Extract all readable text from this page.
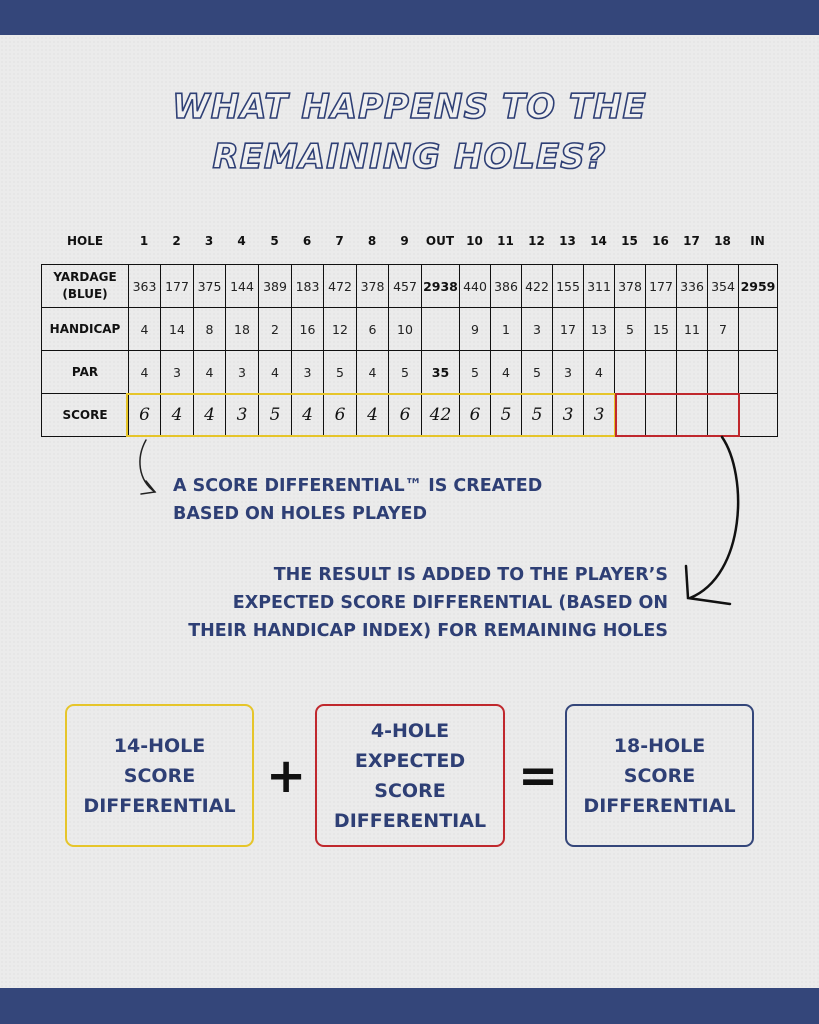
WHAT HAPPENS TO THE
REMAINING HOLES?
HOLE	1	2	3	4	5	6	7	8	9	OUT	10	11	12	13	14	15	16	17	18	IN
YARDAGE (BLUE)	363	177	375	144	389	183	472	378	457	2938	440	386	422	155	311	378	177	336	354	2959
HANDICAP	4	14	8	18	2	16	12	6	10		9	1	3	17	13	5	15	11	7	
PAR	4	3	4	3	4	3	5	4	5	35	5	4	5	3	4					
SCORE	6	4	4	3	5	4	6	4	6	42	6	5	5	3	3					
A SCORE DIFFERENTIAL™ IS CREATED
BASED ON HOLES PLAYED
THE RESULT IS ADDED TO THE PLAYER’S
EXPECTED SCORE DIFFERENTIAL (BASED ON
THEIR HANDICAP INDEX) FOR REMAINING HOLES
14-HOLE
SCORE
DIFFERENTIAL
+
4-HOLE
EXPECTED
SCORE
DIFFERENTIAL
=
18-HOLE
SCORE
DIFFERENTIAL
